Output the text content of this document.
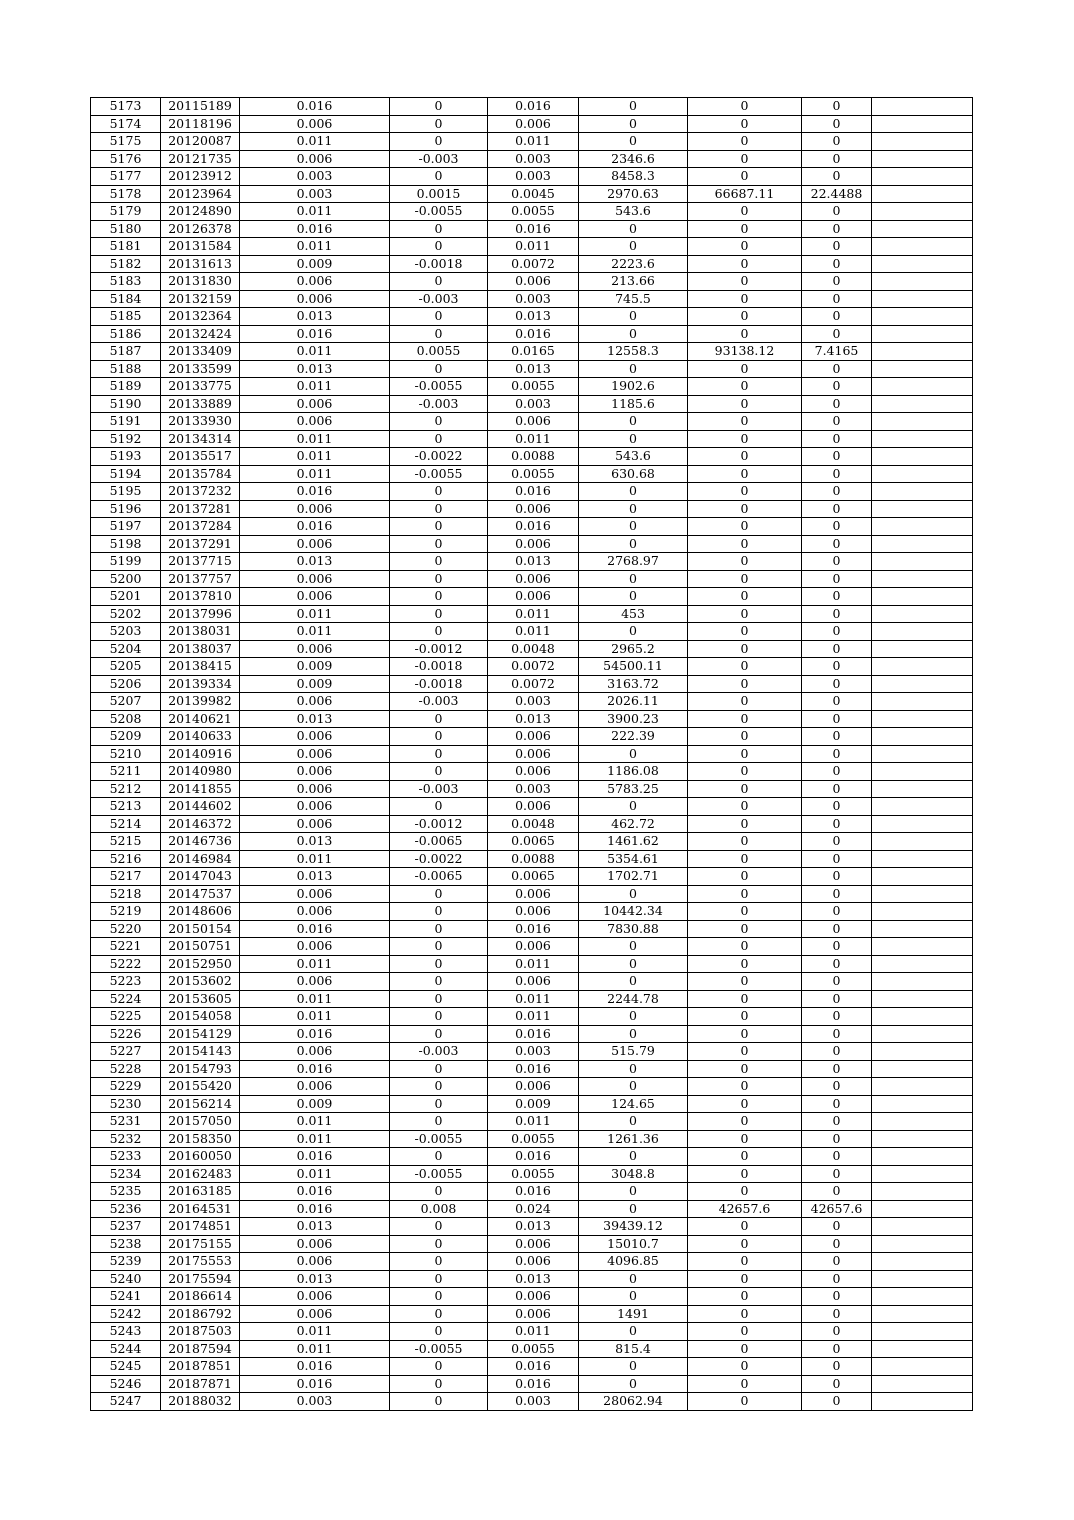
5173	20115189	0.016	0	0.016	0	0	0	
5174	20118196	0.006	0	0.006	0	0	0	
5175	20120087	0.011	0	0.011	0	0	0	
5176	20121735	0.006	-0.003	0.003	2346.6	0	0	
5177	20123912	0.003	0	0.003	8458.3	0	0	
5178	20123964	0.003	0.0015	0.0045	2970.63	66687.11	22.4488	
5179	20124890	0.011	-0.0055	0.0055	543.6	0	0	
5180	20126378	0.016	0	0.016	0	0	0	
5181	20131584	0.011	0	0.011	0	0	0	
5182	20131613	0.009	-0.0018	0.0072	2223.6	0	0	
5183	20131830	0.006	0	0.006	213.66	0	0	
5184	20132159	0.006	-0.003	0.003	745.5	0	0	
5185	20132364	0.013	0	0.013	0	0	0	
5186	20132424	0.016	0	0.016	0	0	0	
5187	20133409	0.011	0.0055	0.0165	12558.3	93138.12	7.4165	
5188	20133599	0.013	0	0.013	0	0	0	
5189	20133775	0.011	-0.0055	0.0055	1902.6	0	0	
5190	20133889	0.006	-0.003	0.003	1185.6	0	0	
5191	20133930	0.006	0	0.006	0	0	0	
5192	20134314	0.011	0	0.011	0	0	0	
5193	20135517	0.011	-0.0022	0.0088	543.6	0	0	
5194	20135784	0.011	-0.0055	0.0055	630.68	0	0	
5195	20137232	0.016	0	0.016	0	0	0	
5196	20137281	0.006	0	0.006	0	0	0	
5197	20137284	0.016	0	0.016	0	0	0	
5198	20137291	0.006	0	0.006	0	0	0	
5199	20137715	0.013	0	0.013	2768.97	0	0	
5200	20137757	0.006	0	0.006	0	0	0	
5201	20137810	0.006	0	0.006	0	0	0	
5202	20137996	0.011	0	0.011	453	0	0	
5203	20138031	0.011	0	0.011	0	0	0	
5204	20138037	0.006	-0.0012	0.0048	2965.2	0	0	
5205	20138415	0.009	-0.0018	0.0072	54500.11	0	0	
5206	20139334	0.009	-0.0018	0.0072	3163.72	0	0	
5207	20139982	0.006	-0.003	0.003	2026.11	0	0	
5208	20140621	0.013	0	0.013	3900.23	0	0	
5209	20140633	0.006	0	0.006	222.39	0	0	
5210	20140916	0.006	0	0.006	0	0	0	
5211	20140980	0.006	0	0.006	1186.08	0	0	
5212	20141855	0.006	-0.003	0.003	5783.25	0	0	
5213	20144602	0.006	0	0.006	0	0	0	
5214	20146372	0.006	-0.0012	0.0048	462.72	0	0	
5215	20146736	0.013	-0.0065	0.0065	1461.62	0	0	
5216	20146984	0.011	-0.0022	0.0088	5354.61	0	0	
5217	20147043	0.013	-0.0065	0.0065	1702.71	0	0	
5218	20147537	0.006	0	0.006	0	0	0	
5219	20148606	0.006	0	0.006	10442.34	0	0	
5220	20150154	0.016	0	0.016	7830.88	0	0	
5221	20150751	0.006	0	0.006	0	0	0	
5222	20152950	0.011	0	0.011	0	0	0	
5223	20153602	0.006	0	0.006	0	0	0	
5224	20153605	0.011	0	0.011	2244.78	0	0	
5225	20154058	0.011	0	0.011	0	0	0	
5226	20154129	0.016	0	0.016	0	0	0	
5227	20154143	0.006	-0.003	0.003	515.79	0	0	
5228	20154793	0.016	0	0.016	0	0	0	
5229	20155420	0.006	0	0.006	0	0	0	
5230	20156214	0.009	0	0.009	124.65	0	0	
5231	20157050	0.011	0	0.011	0	0	0	
5232	20158350	0.011	-0.0055	0.0055	1261.36	0	0	
5233	20160050	0.016	0	0.016	0	0	0	
5234	20162483	0.011	-0.0055	0.0055	3048.8	0	0	
5235	20163185	0.016	0	0.016	0	0	0	
5236	20164531	0.016	0.008	0.024	0	42657.6	42657.6	
5237	20174851	0.013	0	0.013	39439.12	0	0	
5238	20175155	0.006	0	0.006	15010.7	0	0	
5239	20175553	0.006	0	0.006	4096.85	0	0	
5240	20175594	0.013	0	0.013	0	0	0	
5241	20186614	0.006	0	0.006	0	0	0	
5242	20186792	0.006	0	0.006	1491	0	0	
5243	20187503	0.011	0	0.011	0	0	0	
5244	20187594	0.011	-0.0055	0.0055	815.4	0	0	
5245	20187851	0.016	0	0.016	0	0	0	
5246	20187871	0.016	0	0.016	0	0	0	
5247	20188032	0.003	0	0.003	28062.94	0	0	
